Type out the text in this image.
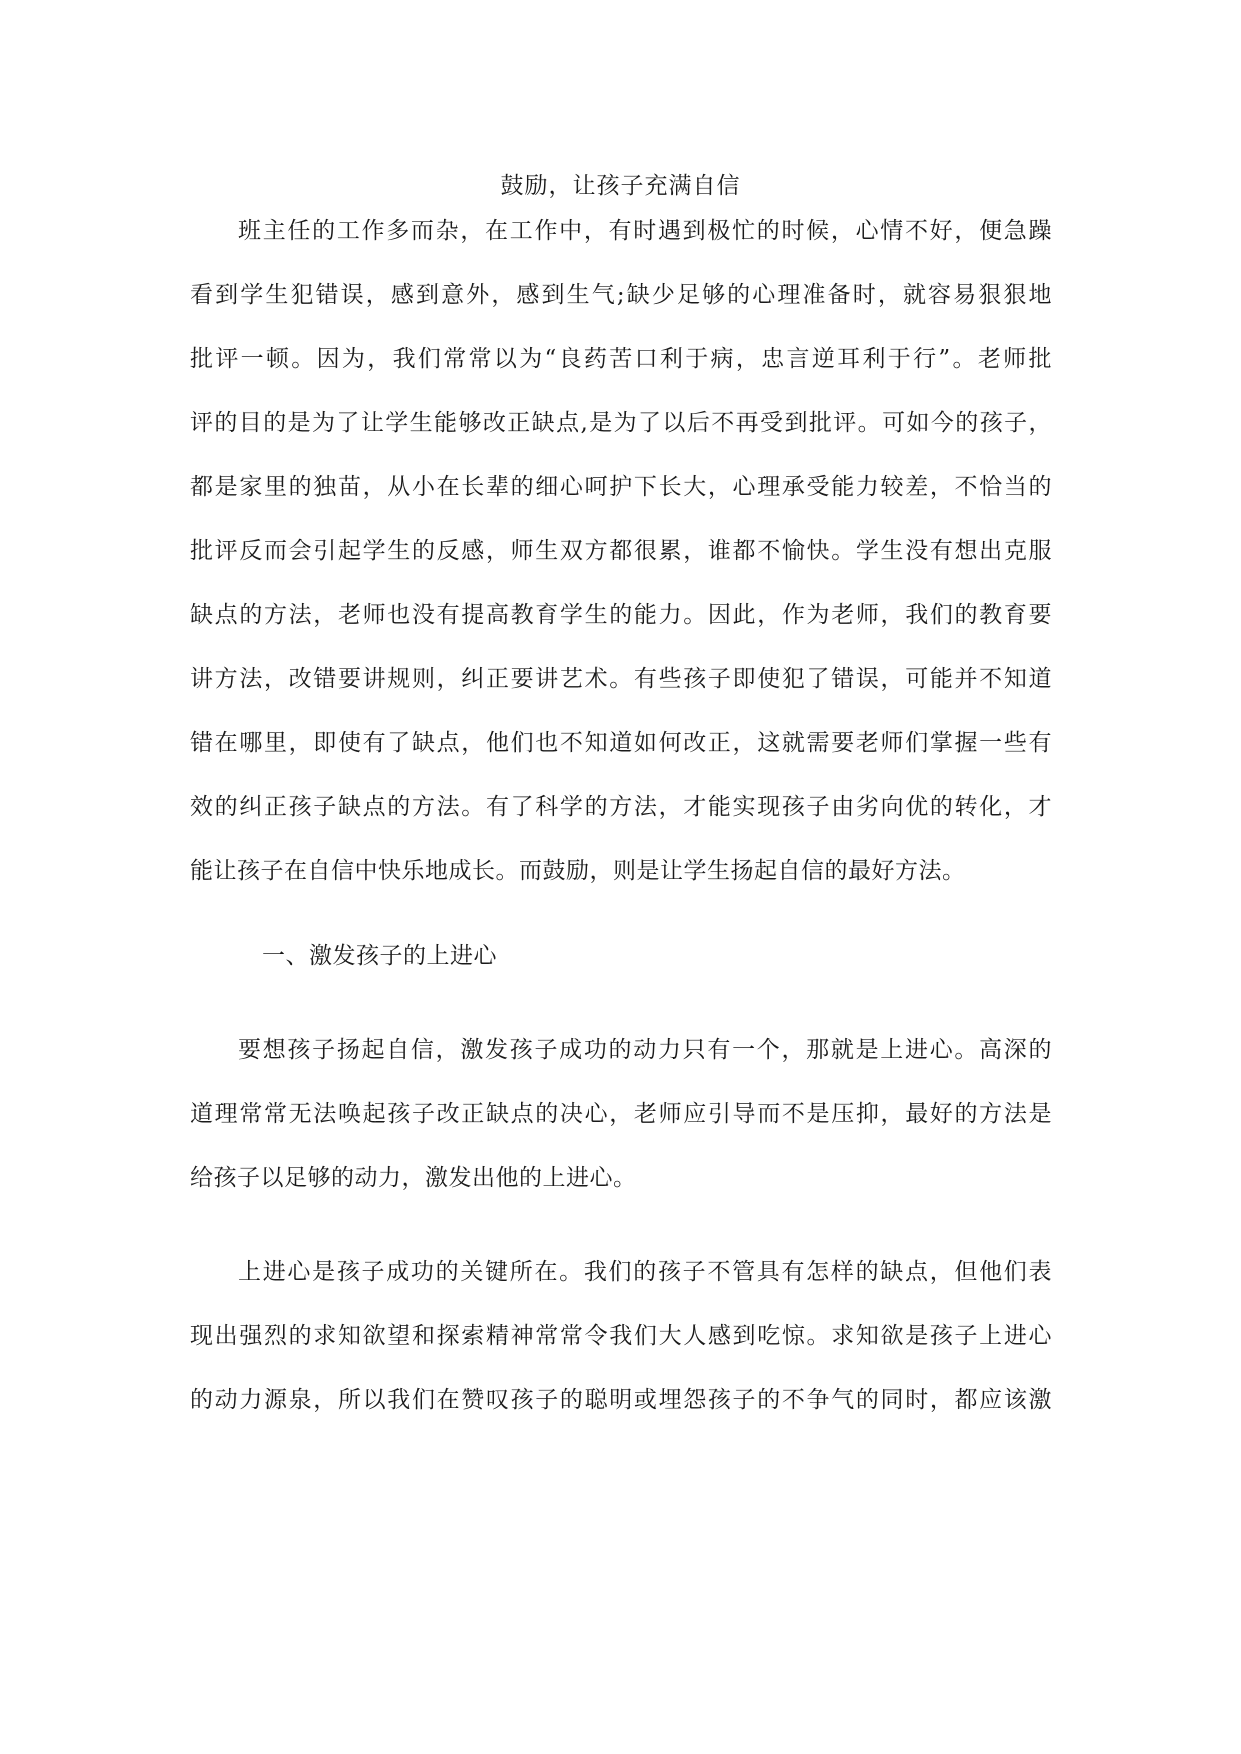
鼓励，让孩子充满自信
班主任的工作多而杂，在工作中，有时遇到极忙的时候，心情不好，便急躁
看到学生犯错误，感到意外，感到生气;缺少足够的心理准备时，就容易狠狠地
批评一顿。因为，我们常常以为“良药苦口利于病，忠言逆耳利于行”。老师批
评的目的是为了让学生能够改正缺点,是为了以后不再受到批评。可如今的孩子，
都是家里的独苗，从小在长辈的细心呵护下长大，心理承受能力较差，不恰当的
批评反而会引起学生的反感，师生双方都很累，谁都不愉快。学生没有想出克服
缺点的方法，老师也没有提高教育学生的能力。因此，作为老师，我们的教育要
讲方法，改错要讲规则，纠正要讲艺术。有些孩子即使犯了错误，可能并不知道
错在哪里，即使有了缺点，他们也不知道如何改正，这就需要老师们掌握一些有
效的纠正孩子缺点的方法。有了科学的方法，才能实现孩子由劣向优的转化，才
能让孩子在自信中快乐地成长。而鼓励，则是让学生扬起自信的最好方法。
一、激发孩子的上进心
要想孩子扬起自信，激发孩子成功的动力只有一个，那就是上进心。高深的
道理常常无法唤起孩子改正缺点的决心，老师应引导而不是压抑，最好的方法是
给孩子以足够的动力，激发出他的上进心。
上进心是孩子成功的关键所在。我们的孩子不管具有怎样的缺点，但他们表
现出强烈的求知欲望和探索精神常常令我们大人感到吃惊。求知欲是孩子上进心
的动力源泉，所以我们在赞叹孩子的聪明或埋怨孩子的不争气的同时，都应该激
